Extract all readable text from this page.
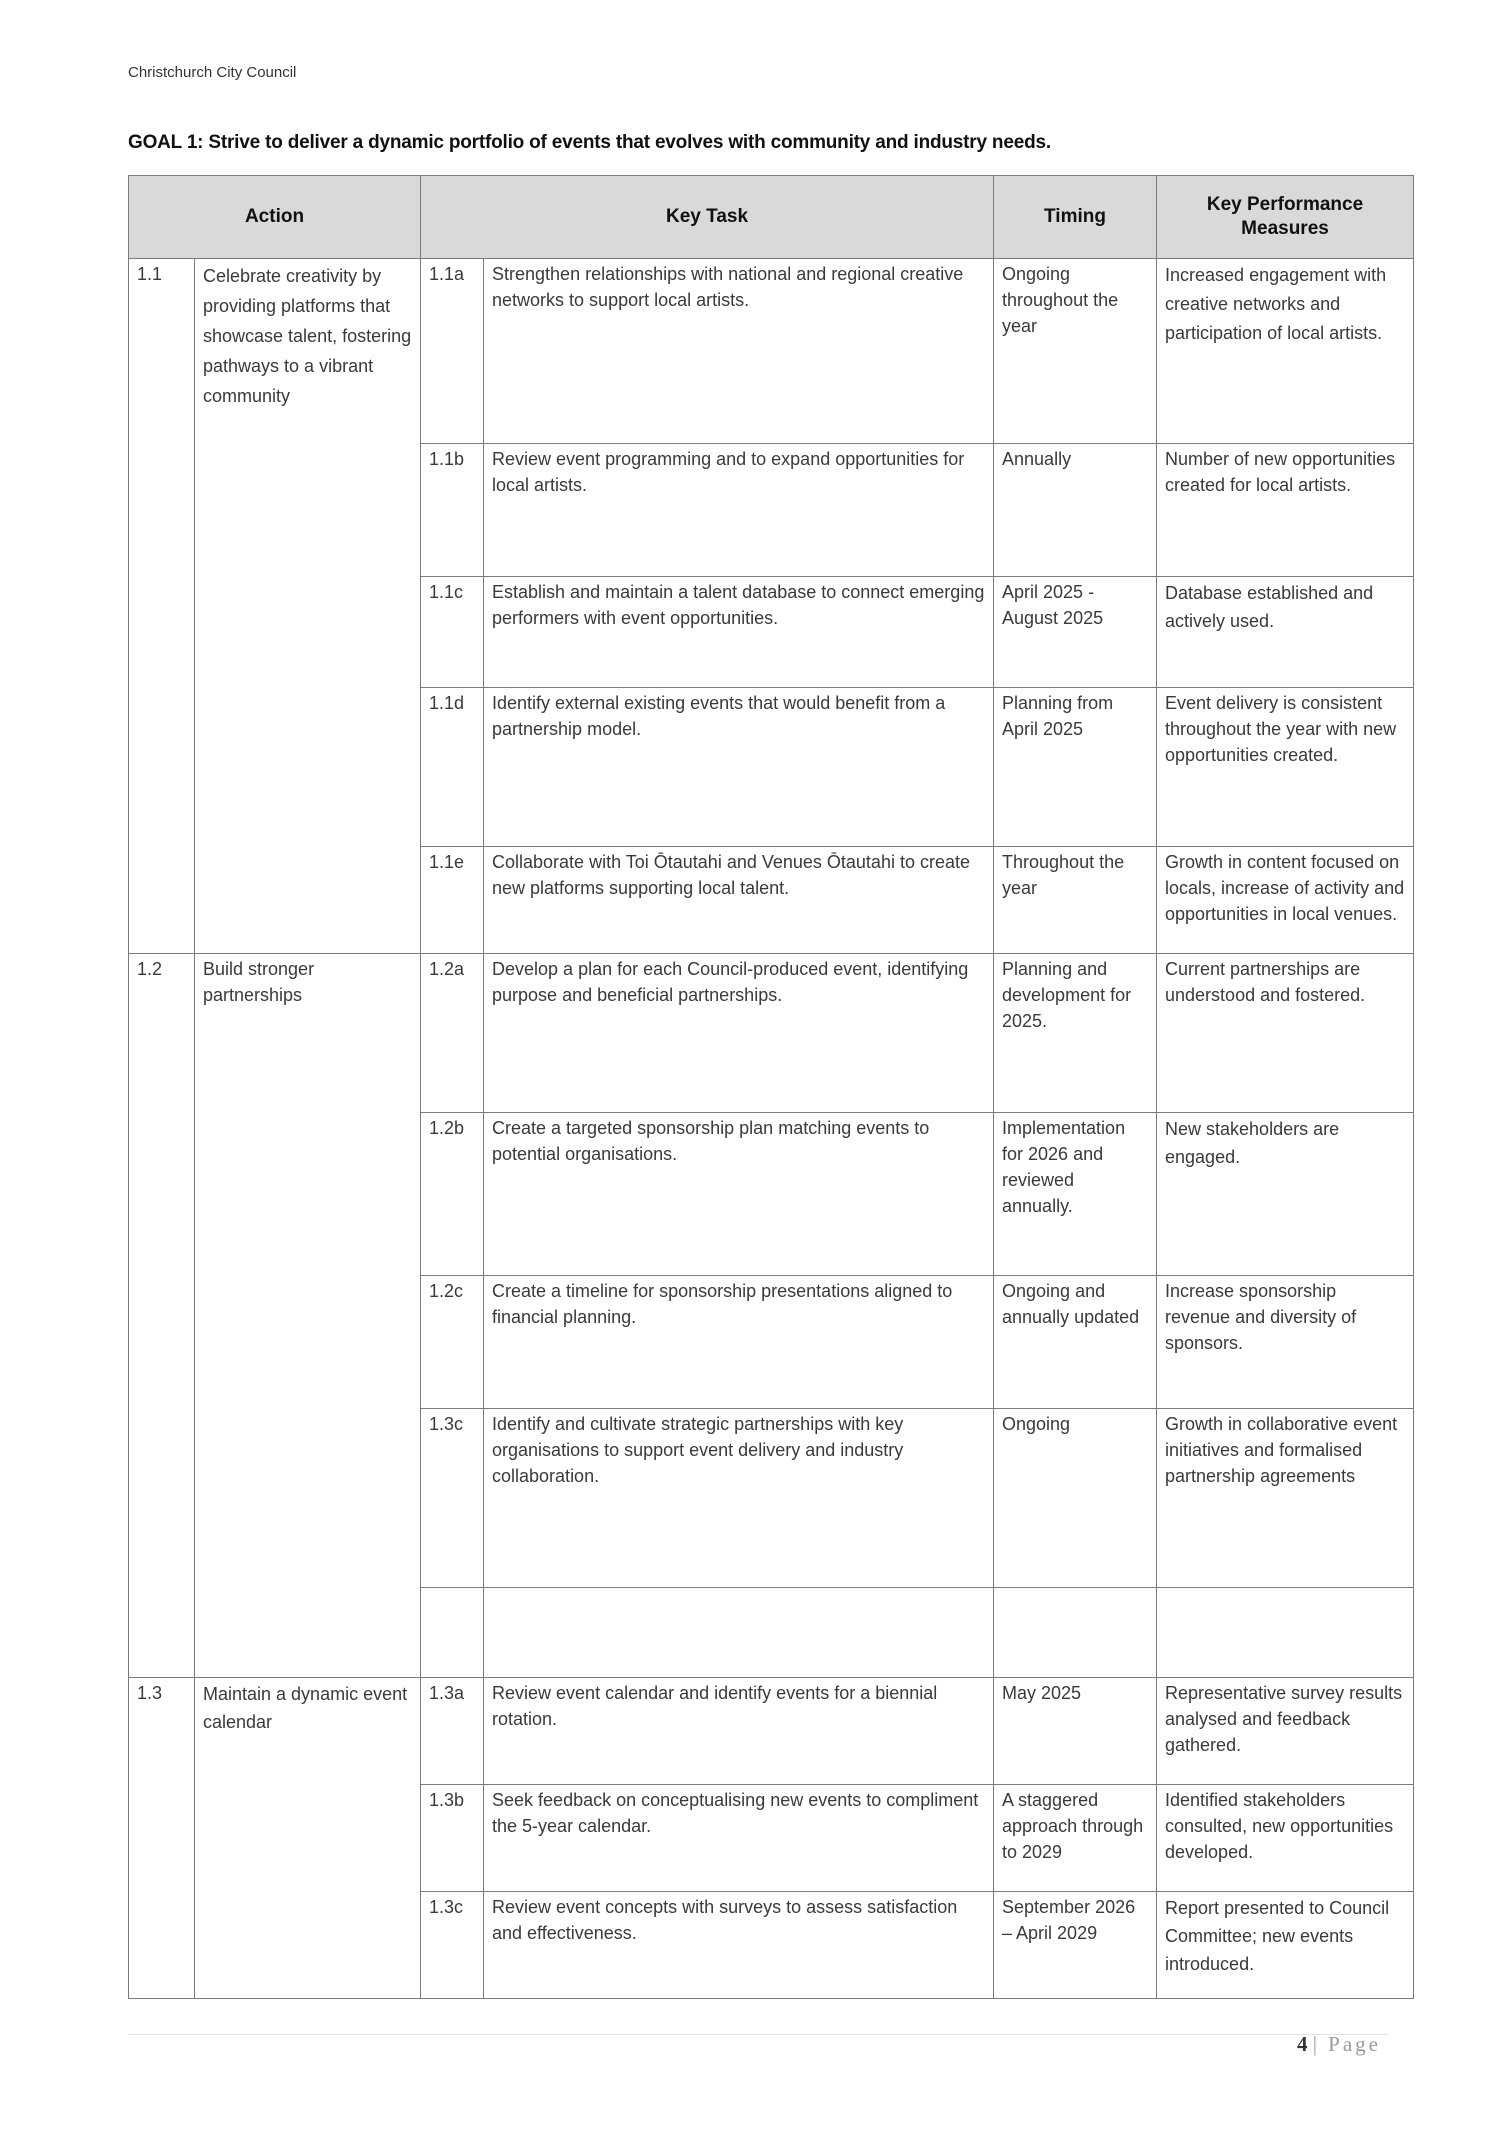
Christchurch City Council
GOAL 1: Strive to deliver a dynamic portfolio of events that evolves with community and industry needs.
Action		Key Task		Timing	Key Performance Measures
1.1	Celebrate creativity by providing platforms that showcase talent, fostering pathways to a vibrant community	1.1a	Strengthen relationships with national and regional creative networks to support local artists.	Ongoing throughout the year	Increased engagement with creative networks and participation of local artists.
		1.1b	Review event programming and to expand opportunities for local artists.	Annually	Number of new opportunities created for local artists.
		1.1c	Establish and maintain a talent database to connect emerging performers with event opportunities.	April 2025 - August 2025	Database established and actively used.
		1.1d	Identify external existing events that would benefit from a partnership model.	Planning from April 2025	Event delivery is consistent throughout the year with new opportunities created.
		1.1e	Collaborate with Toi Ōtautahi and Venues Ōtautahi to create new platforms supporting local talent.	Throughout the year	Growth in content focused on locals, increase of activity and opportunities in local venues.
1.2	Build stronger partnerships	1.2a	Develop a plan for each Council-produced event, identifying purpose and beneficial partnerships.	Planning and development for 2025.	Current partnerships are understood and fostered.
		1.2b	Create a targeted sponsorship plan matching events to potential organisations.	Implementation for 2026 and reviewed annually.	New stakeholders are engaged.
		1.2c	Create a timeline for sponsorship presentations aligned to financial planning.	Ongoing and annually updated	Increase sponsorship revenue and diversity of sponsors.
		1.3c	Identify and cultivate strategic partnerships with key organisations to support event delivery and industry collaboration.	Ongoing	Growth in collaborative event initiatives and formalised partnership agreements

1.3	Maintain a dynamic event calendar	1.3a	Review event calendar and identify events for a biennial rotation.	May 2025	Representative survey results analysed and feedback gathered.
		1.3b	Seek feedback on conceptualising new events to compliment the 5-year calendar.	A staggered approach through to 2029	Identified stakeholders consulted, new opportunities developed.
		1.3c	Review event concepts with surveys to assess satisfaction and effectiveness.	September 2026 – April 2029	Report presented to Council Committee; new events introduced.
4 | Page
